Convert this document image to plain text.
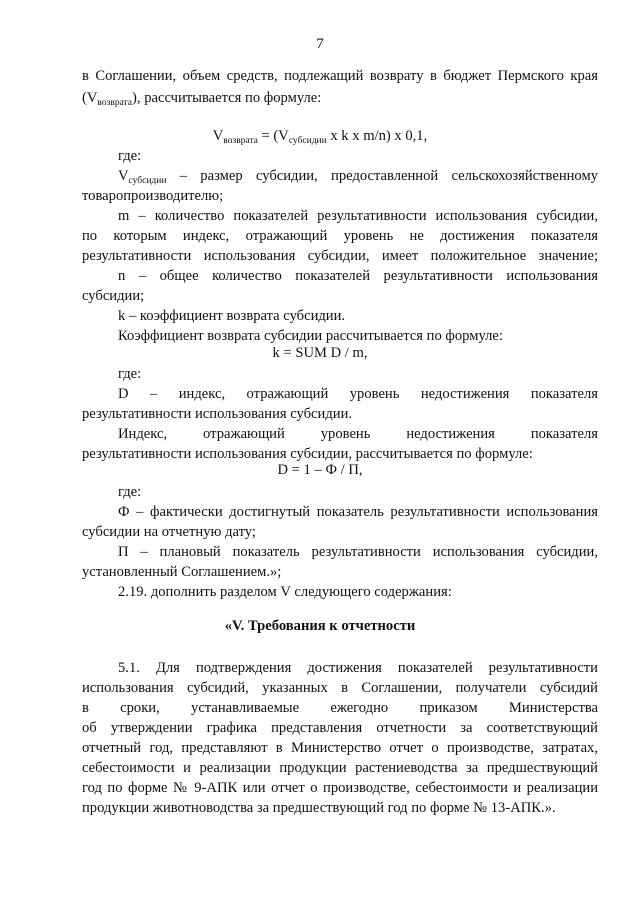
7
в Соглашении, объем средств, подлежащий возврату в бюджет Пермского края
$(V_{возврата})$, рассчитывается по формуле:
$V_{возврата} = (V_{субсидии}$ x k x m/n) x 0,1,
где:
$V_{субсидии}$ – размер субсидии, предоставленной сельскохозяйственному
товаропроизводителю;
m – количество показателей результативности использования субсидии,
по которым индекс, отражающий уровень не достижения показателя
результативности использования субсидии, имеет положительное значение;
n – общее количество показателей результативности использования
субсидии;
k – коэффициент возврата субсидии.
Коэффициент возврата субсидии рассчитывается по формуле:
k = SUM D / m,
где:
D – индекс, отражающий уровень недостижения показателя
результативности использования субсидии.
Индекс, отражающий уровень недостижения показателя
результативности использования субсидии, рассчитывается по формуле:
D = 1 – Ф / П,
где:
Ф – фактически достигнутый показатель результативности использования
субсидии на отчетную дату;
П – плановый показатель результативности использования субсидии,
установленный Соглашением.»;
2.19. дополнить разделом V следующего содержания:
«V. Требования к отчетности
5.1. Для подтверждения достижения показателей результативности
использования субсидий, указанных в Соглашении, получатели субсидий
в сроки, устанавливаемые ежегодно приказом Министерства
об утверждении графика представления отчетности за соответствующий
отчетный год, представляют в Министерство отчет о производстве, затратах,
себестоимости и реализации продукции растениеводства за предшествующий
год по форме № 9-АПК или отчет о производстве, себестоимости и реализации
продукции животноводства за предшествующий год по форме № 13-АПК.».
